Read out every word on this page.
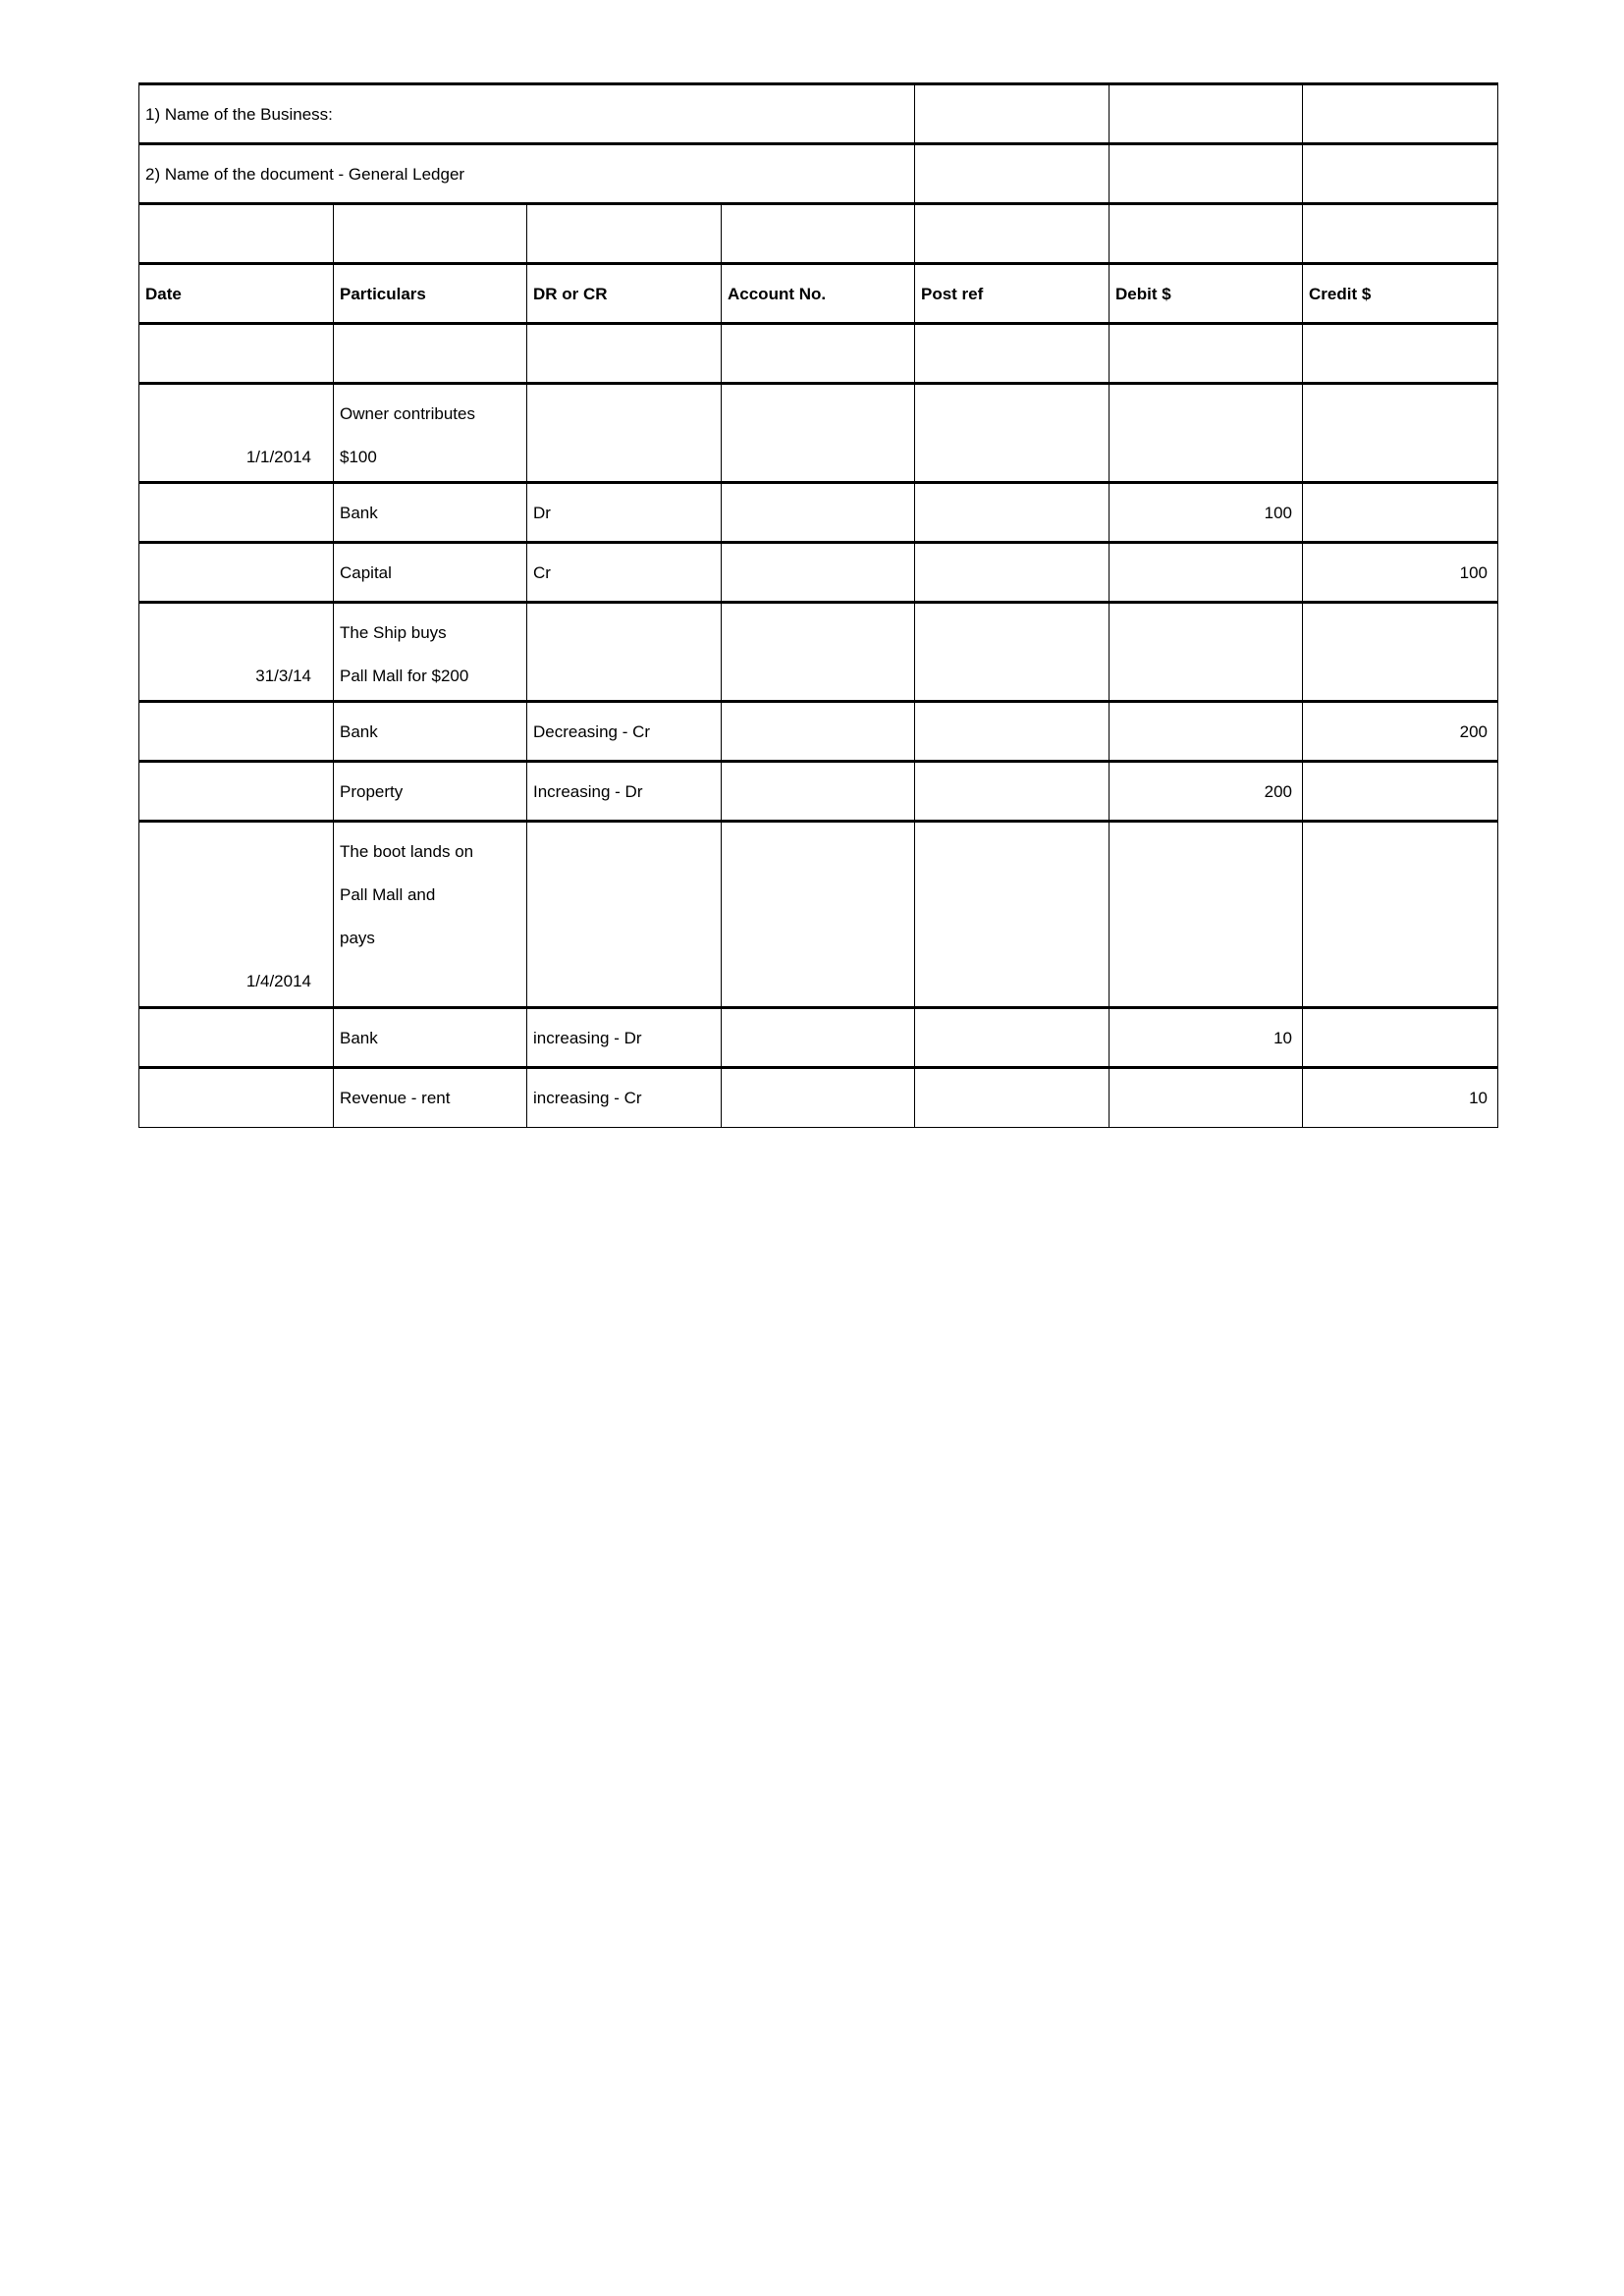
1) Name of the Business:						
2) Name of the document - General Ledger						

Date	Particulars	DR or CR	Account No.	Post ref	Debit $	Credit $

1/1/2014	Owner contributes
$100					

	Bank	Dr			100	
	Capital	Cr				100

31/3/14	The Ship buys
Pall Mall for $200					

	Bank	Decreasing - Cr				200
	Property	Increasing - Dr			200	

1/4/2014	The boot lands on
Pall Mall and
pays					

	Bank	increasing - Dr			10	
	Revenue - rent	increasing - Cr				10
